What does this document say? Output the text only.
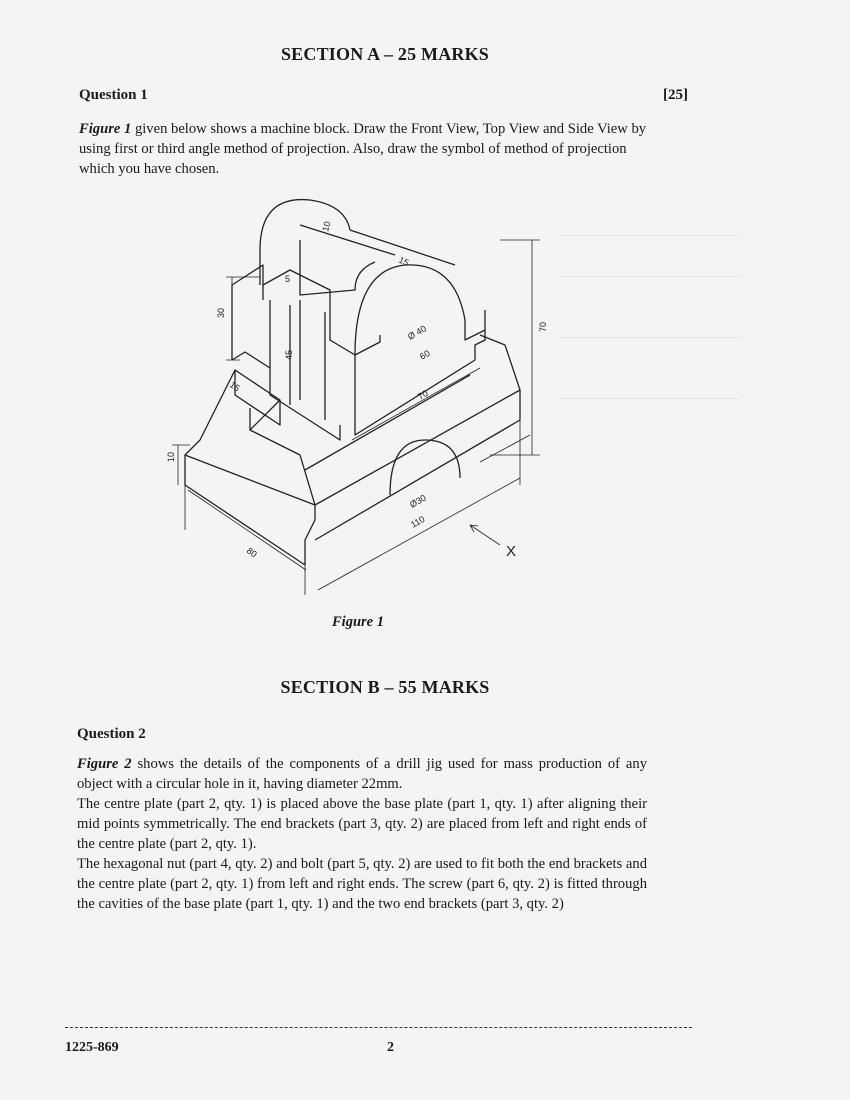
SECTION A – 25 MARKS
Question 1	[25]
Figure 1 given below shows a machine block. Draw the Front View, Top View and Side View by using first or third angle method of projection. Also, draw the symbol of method of projection which you have chosen.
10
15
5
30
45
70
Ø 40
60
70
15
10
Ø30
110
80	X
Figure 1
SECTION B – 55 MARKS
Question 2
Figure 2 shows the details of the components of a drill jig used for mass production of any object with a circular hole in it, having diameter 22mm.
The centre plate (part 2, qty. 1) is placed above the base plate (part 1, qty. 1) after aligning their mid points symmetrically. The end brackets (part 3, qty. 2) are placed from left and right ends of the centre plate (part 2, qty. 1).
The hexagonal nut (part 4, qty. 2) and bolt (part 5, qty. 2) are used to fit both the end brackets and the centre plate (part 2, qty. 1) from left and right ends. The screw (part 6, qty. 2) is fitted through the cavities of the base plate (part 1, qty. 1) and the two end brackets (part 3, qty. 2)
1225-869	2
